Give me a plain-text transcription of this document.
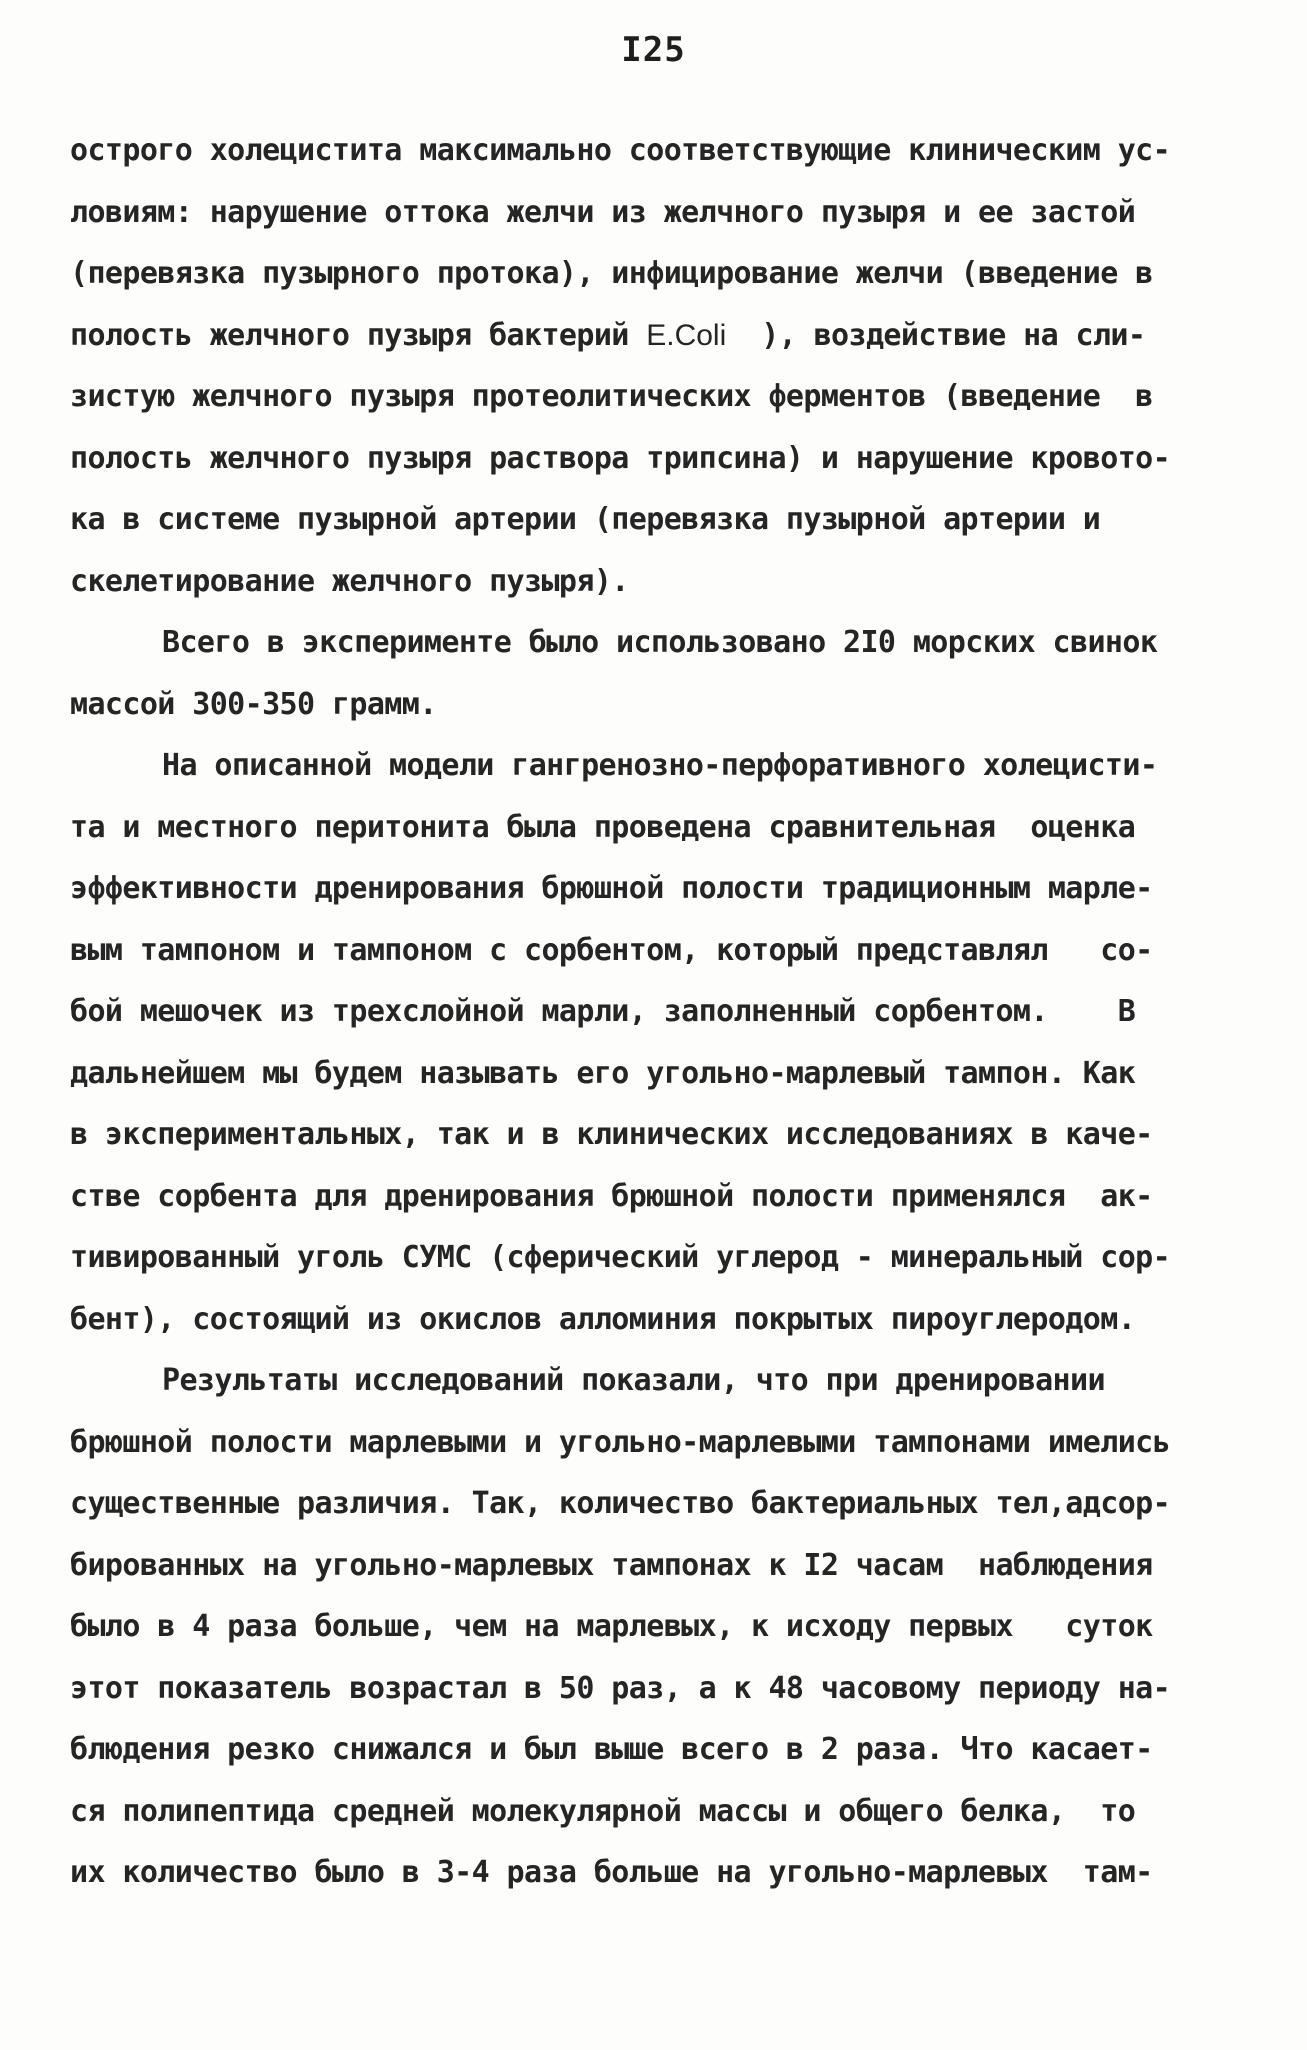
I25
острого холецистита максимально соответствующие клиническим ус-
ловиям: нарушение оттока желчи из желчного пузыря и ее застой
(перевязка пузырного протока), инфицирование желчи (введение в
полость желчного пузыря бактерий E.Coli  ), воздействие на сли-
зистую желчного пузыря протеолитических ферментов (введение  в
полость желчного пузыря раствора трипсина) и нарушение кровото-
ка в системе пузырной артерии (перевязка пузырной артерии и
скелетирование желчного пузыря).
Всего в эксперименте было использовано 2I0 морских свинок
массой 300-350 грамм.
На описанной модели гангренозно-перфоративного холецисти-
та и местного перитонита была проведена сравнительная  оценка
эффективности дренирования брюшной полости традиционным марле-
вым тампоном и тампоном с сорбентом, который представлял   со-
бой мешочек из трехслойной марли, заполненный сорбентом.    В
дальнейшем мы будем называть его угольно-марлевый тампон. Как
в экспериментальных, так и в клинических исследованиях в каче-
стве сорбента для дренирования брюшной полости применялся  ак-
тивированный уголь СУМС (сферический углерод - минеральный сор-
бент), состоящий из окислов алломиния покрытых пироуглеродом.
Результаты исследований показали, что при дренировании
брюшной полости марлевыми и угольно-марлевыми тампонами имелись
существенные различия. Так, количество бактериальных тел,адсор-
бированных на угольно-марлевых тампонах к I2 часам  наблюдения
было в 4 раза больше, чем на марлевых, к исходу первых   суток
этот показатель возрастал в 50 раз, а к 48 часовому периоду на-
блюдения резко снижался и был выше всего в 2 раза. Что касает-
ся полипептида средней молекулярной массы и общего белка,  то
их количество было в 3-4 раза больше на угольно-марлевых  там-
